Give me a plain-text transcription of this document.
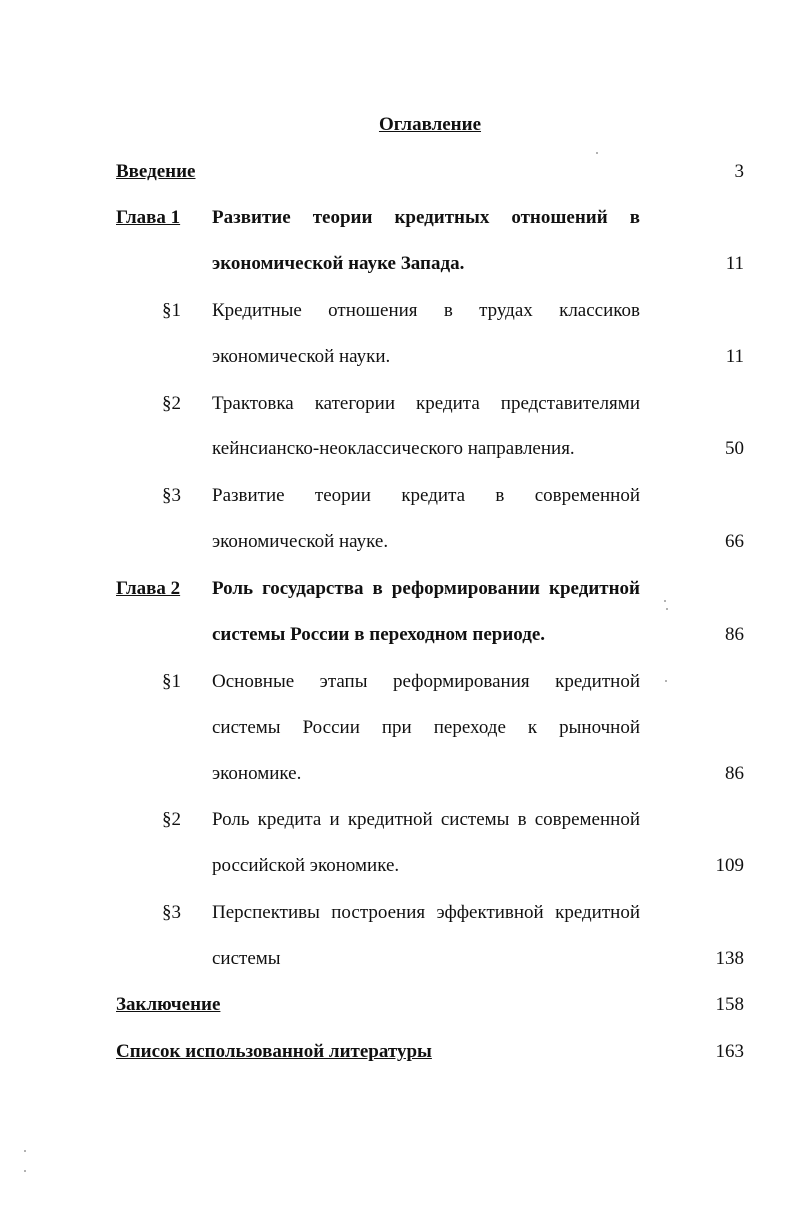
Оглавление
Введение	3
Глава 1 Развитие теории кредитных отношений в
экономической науке Запада.	11
§1 Кредитные отношения в трудах классиков
экономической науки.	11
§2 Трактовка категории кредита представителями
кейнсианско-неоклассического направления.	50
§3 Развитие теории кредита в современной
экономической науке.	66
Глава 2 Роль государства в реформировании кредитной
системы России в переходном периоде.	86
§1 Основные этапы реформирования кредитной
системы России при переходе к рыночной
экономике.	86
§2 Роль кредита и кредитной системы в современной
российской экономике.	109
§3 Перспективы построения эффективной кредитной
системы	138
Заключение	158
Список использованной литературы	163
